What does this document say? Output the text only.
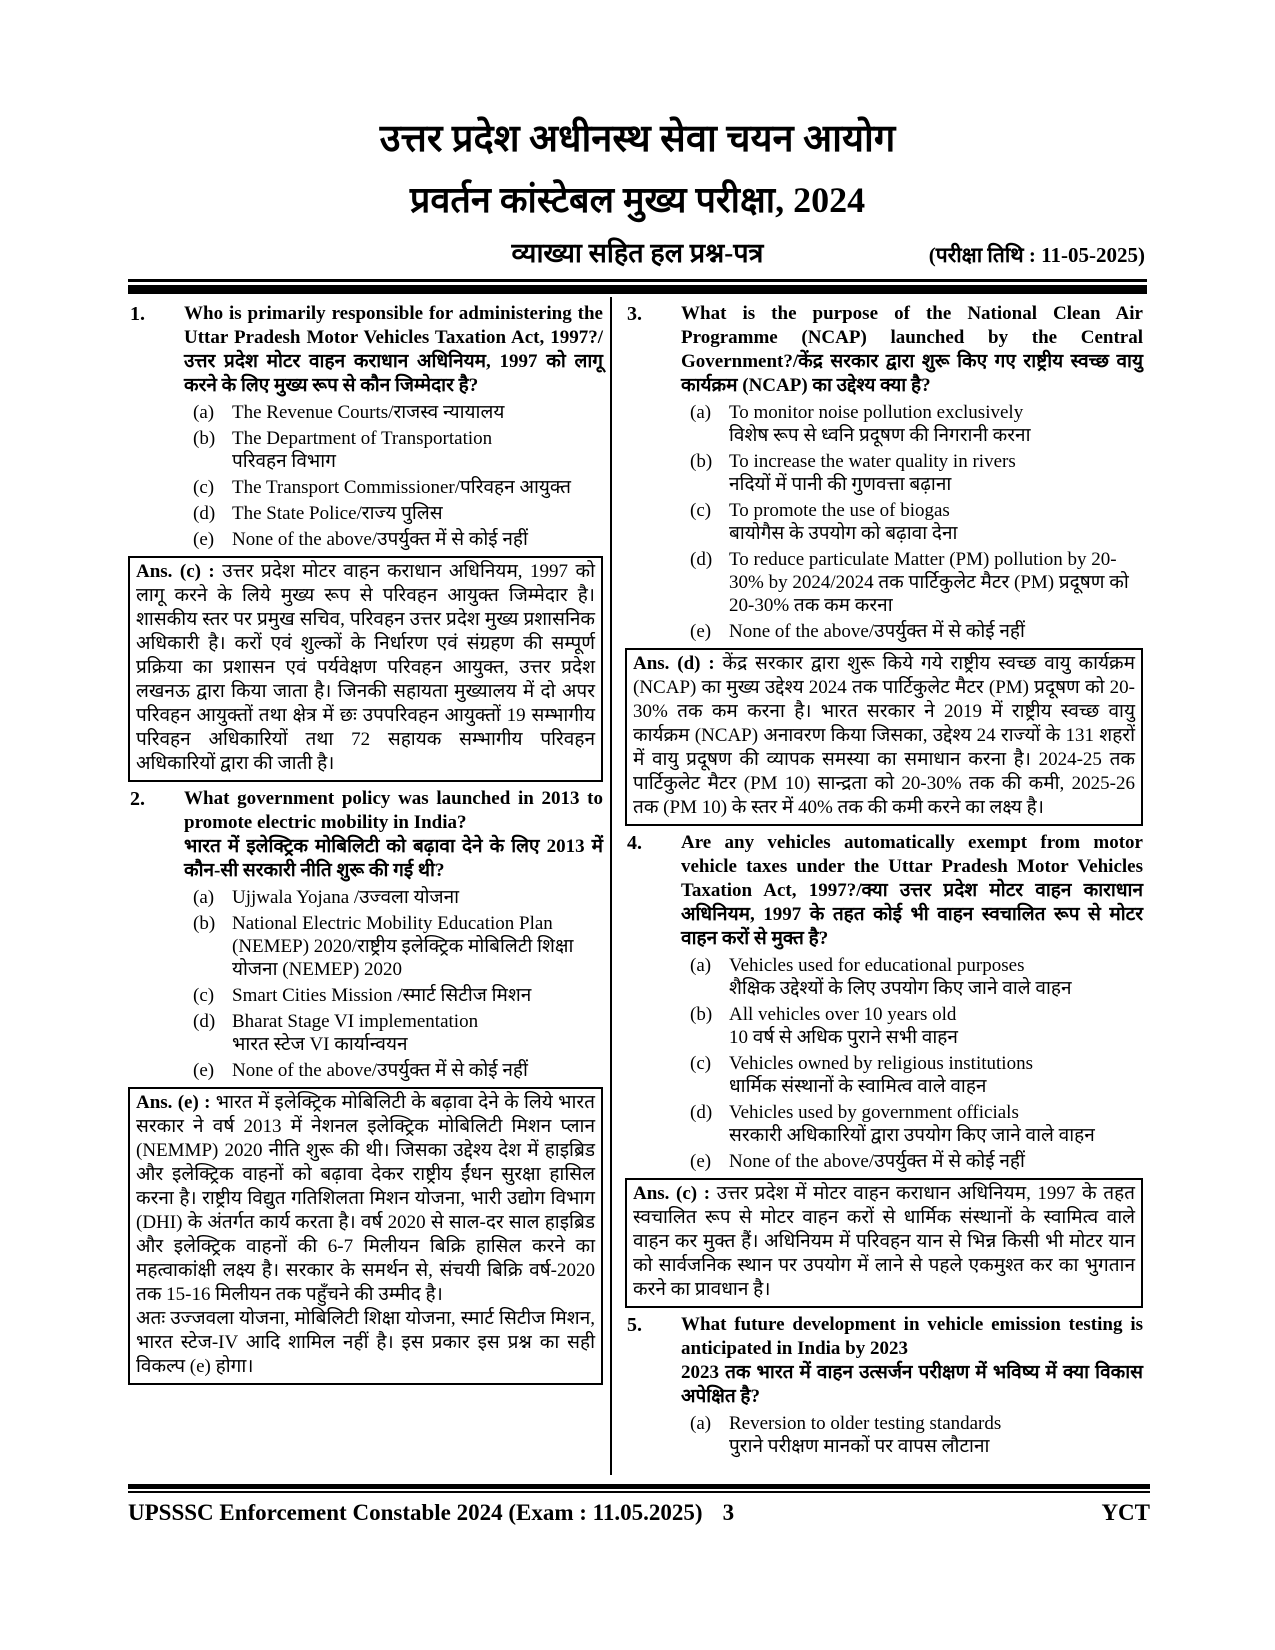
उत्तर प्रदेश अधीनस्थ सेवा चयन आयोग
प्रवर्तन कांस्टेबल मुख्य परीक्षा, 2024
व्याख्या सहित हल प्रश्न-पत्र	(परीक्षा तिथि : 11-05-2025)
1.	Who is primarily responsible for administering the Uttar Pradesh Motor Vehicles Taxation Act, 1997?/उत्तर प्रदेश मोटर वाहन कराधान अधिनियम, 1997 को लागू करने के लिए मुख्य रूप से कौन जिम्मेदार है?
(a) The Revenue Courts/राजस्व न्यायालय
(b) The Department of Transportation
परिवहन विभाग
(c) The Transport Commissioner/परिवहन आयुक्त
(d) The State Police/राज्य पुलिस
(e) None of the above/उपर्युक्त में से कोई नहीं

Ans. (c) : उत्तर प्रदेश मोटर वाहन कराधान अधिनियम, 1997 को लागू करने के लिये मुख्य रूप से परिवहन आयुक्त जिम्मेदार है। शासकीय स्तर पर प्रमुख सचिव, परिवहन उत्तर प्रदेश मुख्य प्रशासनिक अधिकारी है। करों एवं शुल्कों के निर्धारण एवं संग्रहण की सम्पूर्ण प्रक्रिया का प्रशासन एवं पर्यवेक्षण परिवहन आयुक्त, उत्तर प्रदेश लखनऊ द्वारा किया जाता है। जिनकी सहायता मुख्यालय में दो अपर परिवहन आयुक्तों तथा क्षेत्र में छः उपपरिवहन आयुक्तों 19 सम्भागीय परिवहन अधिकारियों तथा 72 सहायक सम्भागीय परिवहन अधिकारियों द्वारा की जाती है।

2.	What government policy was launched in 2013 to promote electric mobility in India?
भारत में इलेक्ट्रिक मोबिलिटी को बढ़ावा देने के लिए 2013 में कौन-सी सरकारी नीति शुरू की गई थी?
(a) Ujjwala Yojana /उज्वला योजना
(b) National Electric Mobility Education Plan (NEMEP) 2020/राष्ट्रीय इलेक्ट्रिक मोबिलिटी शिक्षा योजना (NEMEP) 2020
(c) Smart Cities Mission /स्मार्ट सिटीज मिशन
(d) Bharat Stage VI implementation
भारत स्टेज VI कार्यान्वयन
(e) None of the above/उपर्युक्त में से कोई नहीं

Ans. (e) : भारत में इलेक्ट्रिक मोबिलिटी के बढ़ावा देने के लिये भारत सरकार ने वर्ष 2013 में नेशनल इलेक्ट्रिक मोबिलिटी मिशन प्लान (NEMMP) 2020 नीति शुरू की थी। जिसका उद्देश्य देश में हाइब्रिड और इलेक्ट्रिक वाहनों को बढ़ावा देकर राष्ट्रीय ईंधन सुरक्षा हासिल करना है। राष्ट्रीय विद्युत गतिशिलता मिशन योजना, भारी उद्योग विभाग (DHI) के अंतर्गत कार्य करता है। वर्ष 2020 से साल-दर साल हाइब्रिड और इलेक्ट्रिक वाहनों की 6-7 मिलीयन बिक्रि हासिल करने का महत्वाकांक्षी लक्ष्य है। सरकार के समर्थन से, संचयी बिक्रि वर्ष-2020 तक 15-16 मिलीयन तक पहुँचने की उम्मीद है।

अतः उज्जवला योजना, मोबिलिटी शिक्षा योजना, स्मार्ट सिटीज मिशन, भारत स्टेज-IV आदि शामिल नहीं है। इस प्रकार इस प्रश्न का सही विकल्प (e) होगा।

3.	What is the purpose of the National Clean Air Programme (NCAP) launched by the Central Government?/केंद्र सरकार द्वारा शुरू किए गए राष्ट्रीय स्वच्छ वायु कार्यक्रम (NCAP) का उद्देश्य क्या है?
(a) To monitor noise pollution exclusively
विशेष रूप से ध्वनि प्रदूषण की निगरानी करना
(b) To increase the water quality in rivers
नदियों में पानी की गुणवत्ता बढ़ाना
(c) To promote the use of biogas
बायोगैस के उपयोग को बढ़ावा देना
(d) To reduce particulate Matter (PM) pollution by 20-30% by 2024/2024 तक पार्टिकुलेट मैटर (PM) प्रदूषण को 20-30% तक कम करना
(e) None of the above/उपर्युक्त में से कोई नहीं

Ans. (d) : केंद्र सरकार द्वारा शुरू किये गये राष्ट्रीय स्वच्छ वायु कार्यक्रम (NCAP) का मुख्य उद्देश्य 2024 तक पार्टिकुलेट मैटर (PM) प्रदूषण को 20-30% तक कम करना है। भारत सरकार ने 2019 में राष्ट्रीय स्वच्छ वायु कार्यक्रम (NCAP) अनावरण किया जिसका, उद्देश्य 24 राज्यों के 131 शहरों में वायु प्रदूषण की व्यापक समस्या का समाधान करना है। 2024-25 तक पार्टिकुलेट मैटर (PM 10) सान्द्रता को 20-30% तक की कमी, 2025-26 तक (PM 10) के स्तर में 40% तक की कमी करने का लक्ष्य है।

4.	Are any vehicles automatically exempt from motor vehicle taxes under the Uttar Pradesh Motor Vehicles Taxation Act, 1997?/क्या उत्तर प्रदेश मोटर वाहन काराधान अधिनियम, 1997 के तहत कोई भी वाहन स्वचालित रूप से मोटर वाहन करों से मुक्त है?
(a) Vehicles used for educational purposes
शैक्षिक उद्देश्यों के लिए उपयोग किए जाने वाले वाहन
(b) All vehicles over 10 years old
10 वर्ष से अधिक पुराने सभी वाहन
(c) Vehicles owned by religious institutions
धार्मिक संस्थानों के स्वामित्व वाले वाहन
(d) Vehicles used by government officials
सरकारी अधिकारियों द्वारा उपयोग किए जाने वाले वाहन
(e) None of the above/उपर्युक्त में से कोई नहीं

Ans. (c) : उत्तर प्रदेश में मोटर वाहन कराधान अधिनियम, 1997 के तहत स्वचालित रूप से मोटर वाहन करों से धार्मिक संस्थानों के स्वामित्व वाले वाहन कर मुक्त हैं। अधिनियम में परिवहन यान से भिन्न किसी भी मोटर यान को सार्वजनिक स्थान पर उपयोग में लाने से पहले एकमुश्त कर का भुगतान करने का प्रावधान है।

5.	What future development in vehicle emission testing is anticipated in India by 2023
2023 तक भारत में वाहन उत्सर्जन परीक्षण में भविष्य में क्या विकास अपेक्षित है?
(a) Reversion to older testing standards
पुराने परीक्षण मानकों पर वापस लौटाना
UPSSSC Enforcement Constable 2024 (Exam : 11.05.2025) 3	YCT
